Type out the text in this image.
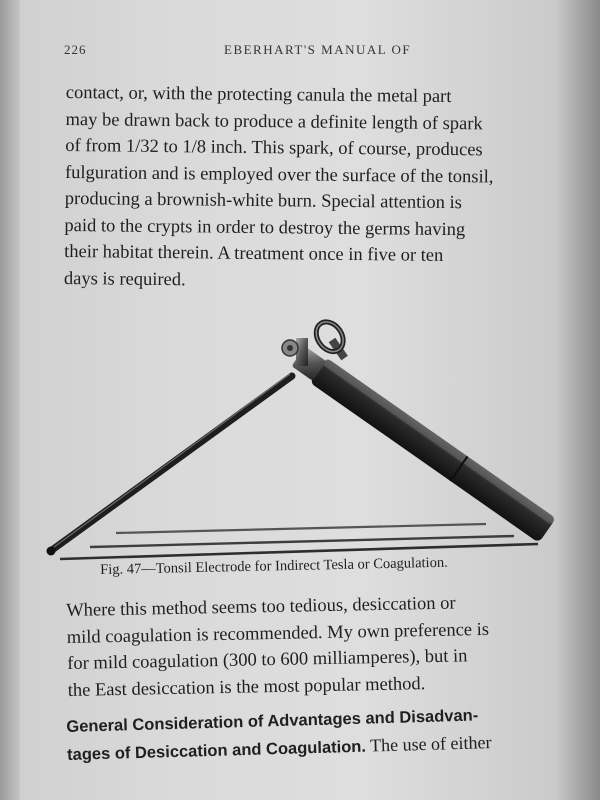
226	EBERHART'S MANUAL OF
contact, or, with the protecting canula the metal part
may be drawn back to produce a definite length of spark
of from 1/32 to 1/8 inch. This spark, of course, produces
fulguration and is employed over the surface of the tonsil,
producing a brownish-white burn. Special attention is
paid to the crypts in order to destroy the germs having
their habitat therein. A treatment once in five or ten
days is required.
Fig. 47—Tonsil Electrode for Indirect Tesla or Coagulation.
Where this method seems too tedious, desiccation or
mild coagulation is recommended. My own preference is
for mild coagulation (300 to 600 milliamperes), but in
the East desiccation is the most popular method.
General Consideration of Advantages and Disadvan-
tages of Desiccation and Coagulation. The use of either
